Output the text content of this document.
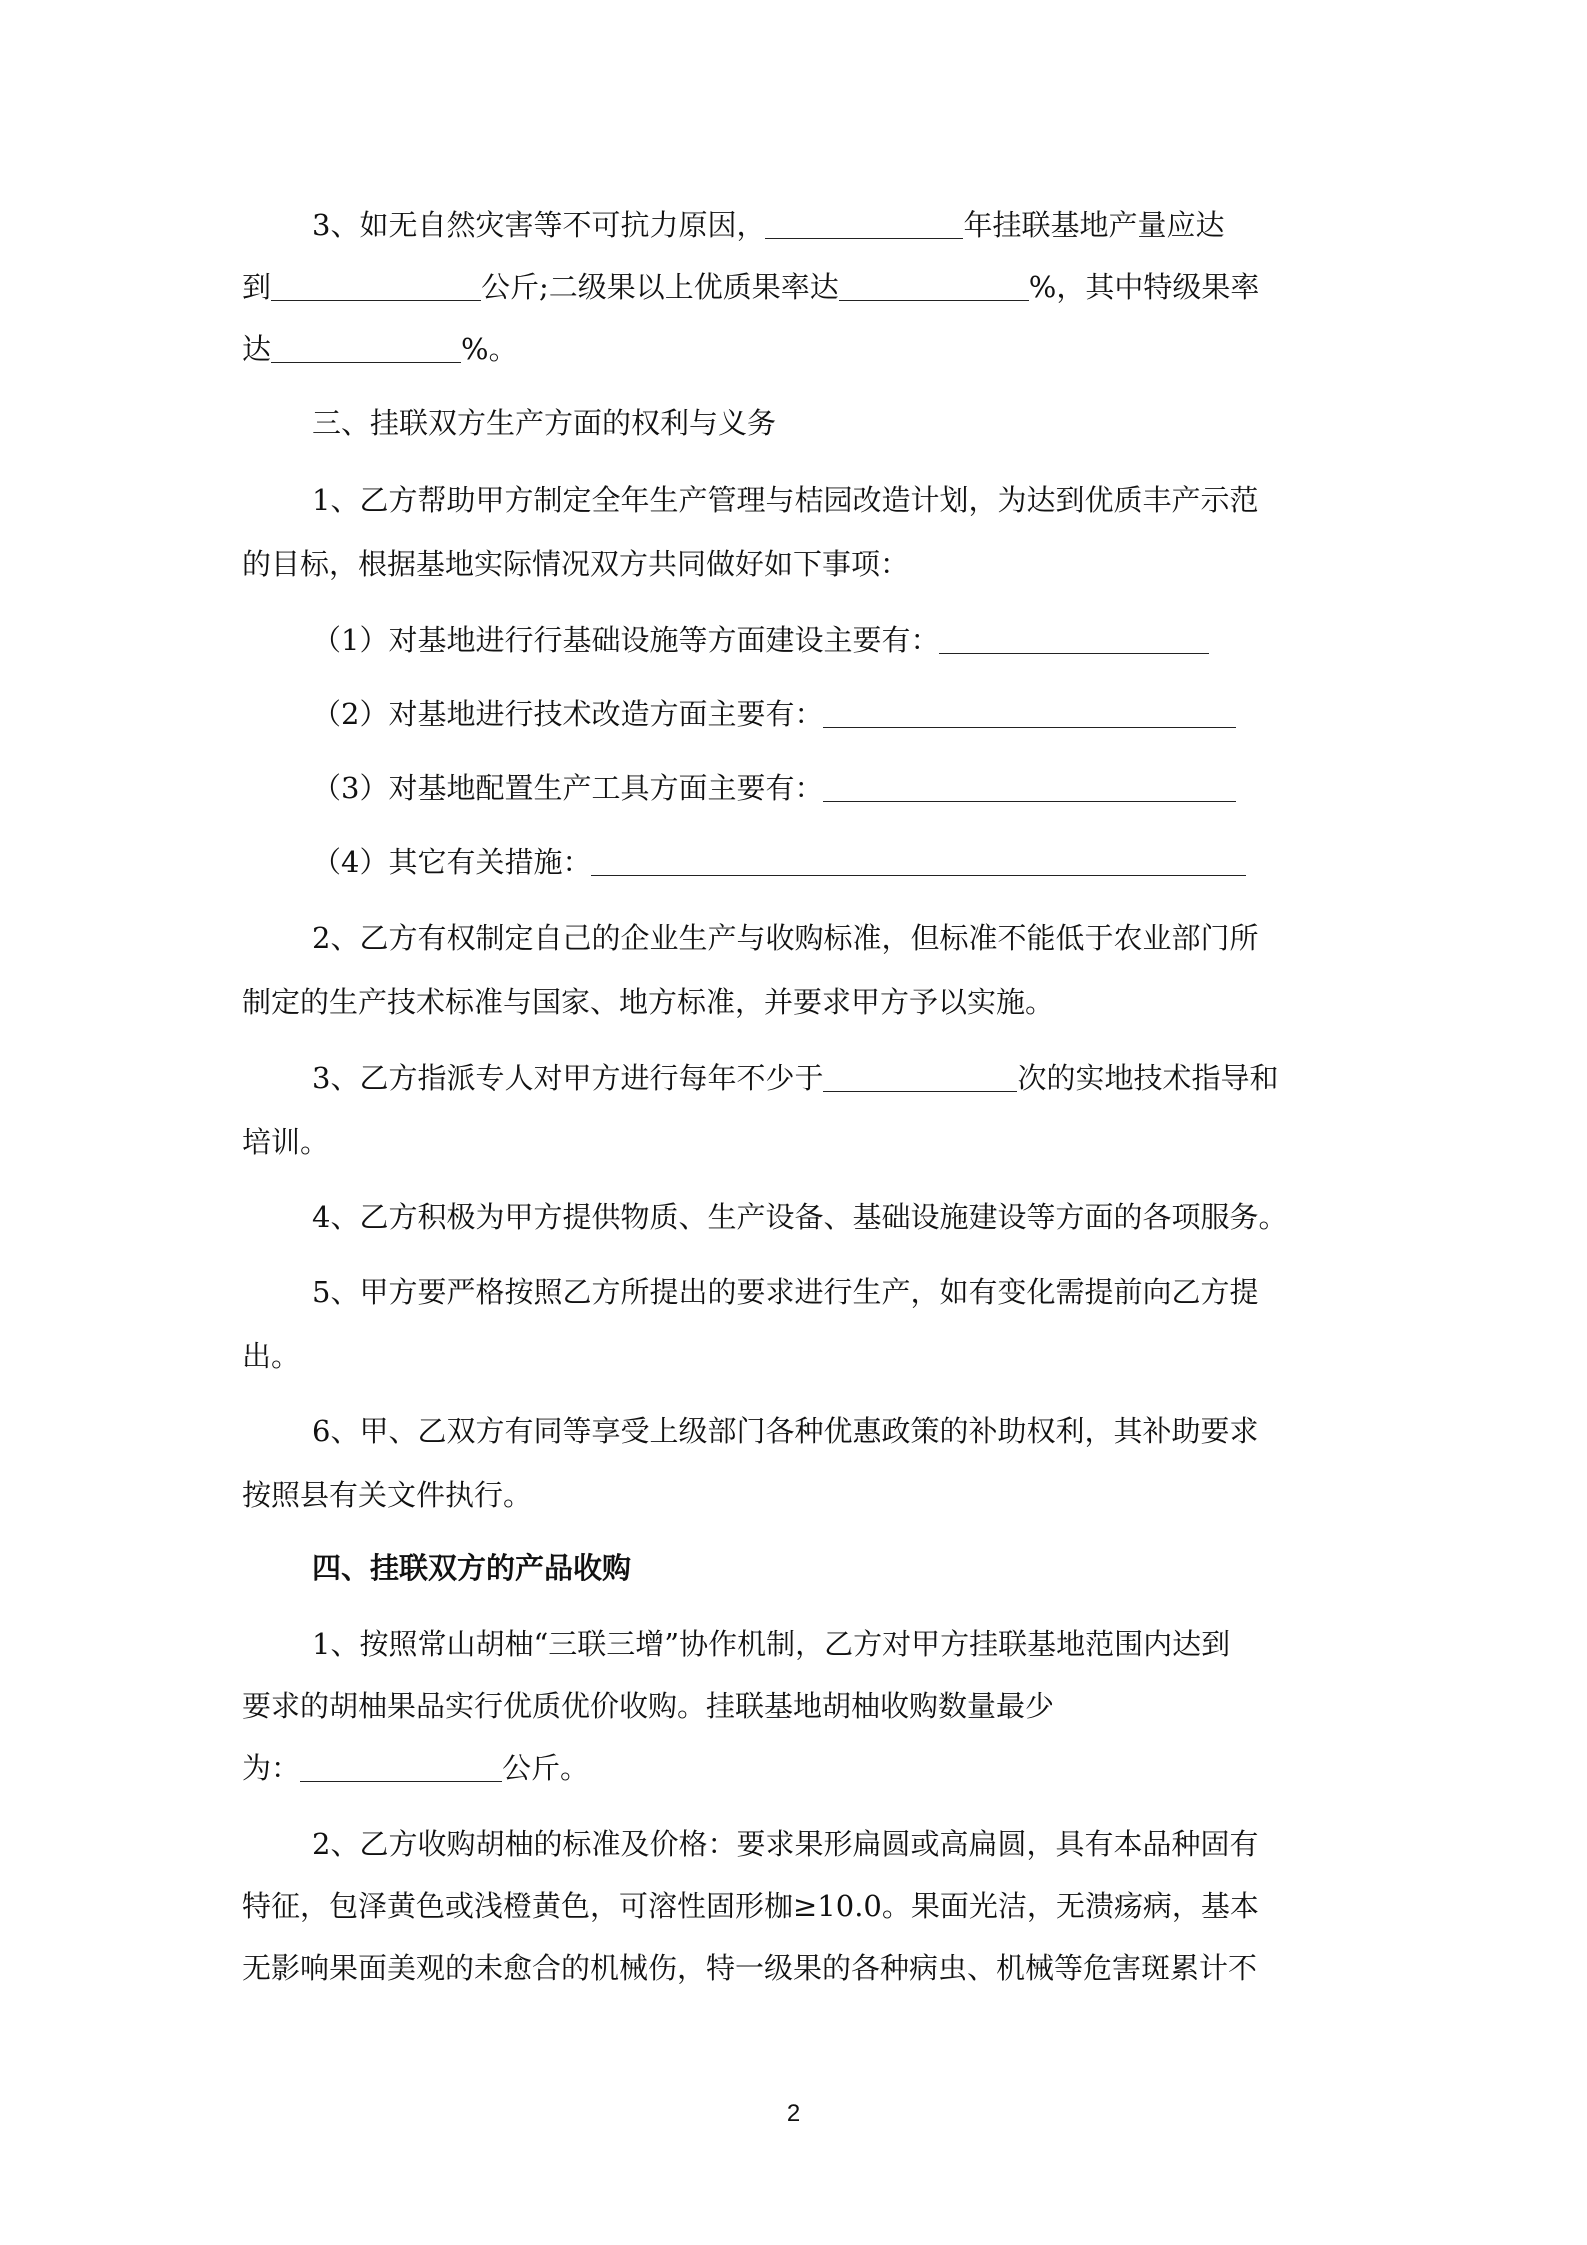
3、如无自然灾害等不可抗力原因，	年挂联基地产量应达
到	公斤;二级果以上优质果率达	%，其中特级果率
达	%。
三、挂联双方生产方面的权利与义务
1、乙方帮助甲方制定全年生产管理与桔园改造计划，为达到优质丰产示范
的目标，根据基地实际情况双方共同做好如下事项：
（1）对基地进行行基础设施等方面建设主要有：
（2）对基地进行技术改造方面主要有：
（3）对基地配置生产工具方面主要有：
（4）其它有关措施：
2、乙方有权制定自己的企业生产与收购标准，但标准不能低于农业部门所
制定的生产技术标准与国家、地方标准，并要求甲方予以实施。
3、乙方指派专人对甲方进行每年不少于	次的实地技术指导和
培训。
4、乙方积极为甲方提供物质、生产设备、基础设施建设等方面的各项服务。
5、甲方要严格按照乙方所提出的要求进行生产，如有变化需提前向乙方提
出。
6、甲、乙双方有同等享受上级部门各种优惠政策的补助权利，其补助要求
按照县有关文件执行。
四、挂联双方的产品收购
1、按照常山胡柚“三联三增”协作机制，乙方对甲方挂联基地范围内达到
要求的胡柚果品实行优质优价收购。挂联基地胡柚收购数量最少
为：	公斤。
2、乙方收购胡柚的标准及价格：要求果形扁圆或高扁圆，具有本品种固有
特征，包泽黄色或浅橙黄色，可溶性固形枷≥10.0。果面光洁，无溃疡病，基本
无影响果面美观的未愈合的机械伤，特一级果的各种病虫、机械等危害斑累计不
2
